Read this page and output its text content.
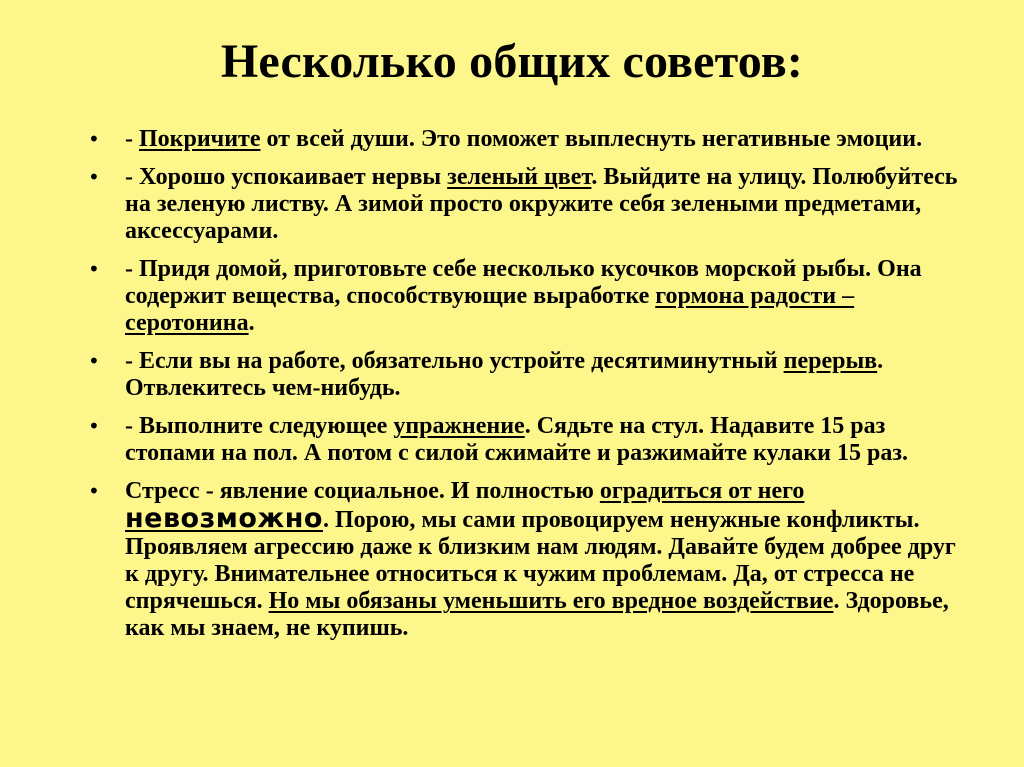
Несколько общих советов:
• - Покричите от всей души. Это поможет выплеснуть негативные эмоции.
• - Хорошо успокаивает нервы зеленый цвет. Выйдите на улицу. Полюбуйтесь на зеленую листву. А зимой просто окружите себя зелеными предметами, аксессуарами.
• - Придя домой, приготовьте себе несколько кусочков морской рыбы. Она содержит вещества, способствующие выработке гормона радости – серотонина.
• - Если вы на работе, обязательно устройте десятиминутный перерыв. Отвлекитесь чем-нибудь.
• - Выполните следующее упражнение. Сядьте на стул. Надавите 15 раз стопами на пол. А потом с силой сжимайте и разжимайте кулаки 15 раз.
• Стресс - явление социальное. И полностью оградиться от него невозможно. Порою, мы сами провоцируем ненужные конфликты. Проявляем агрессию даже к близким нам людям. Давайте будем добрее друг к другу. Внимательнее относиться к чужим проблемам. Да, от стресса не спрячешься. Но мы обязаны уменьшить его вредное воздействие. Здоровье, как мы знаем, не купишь.
